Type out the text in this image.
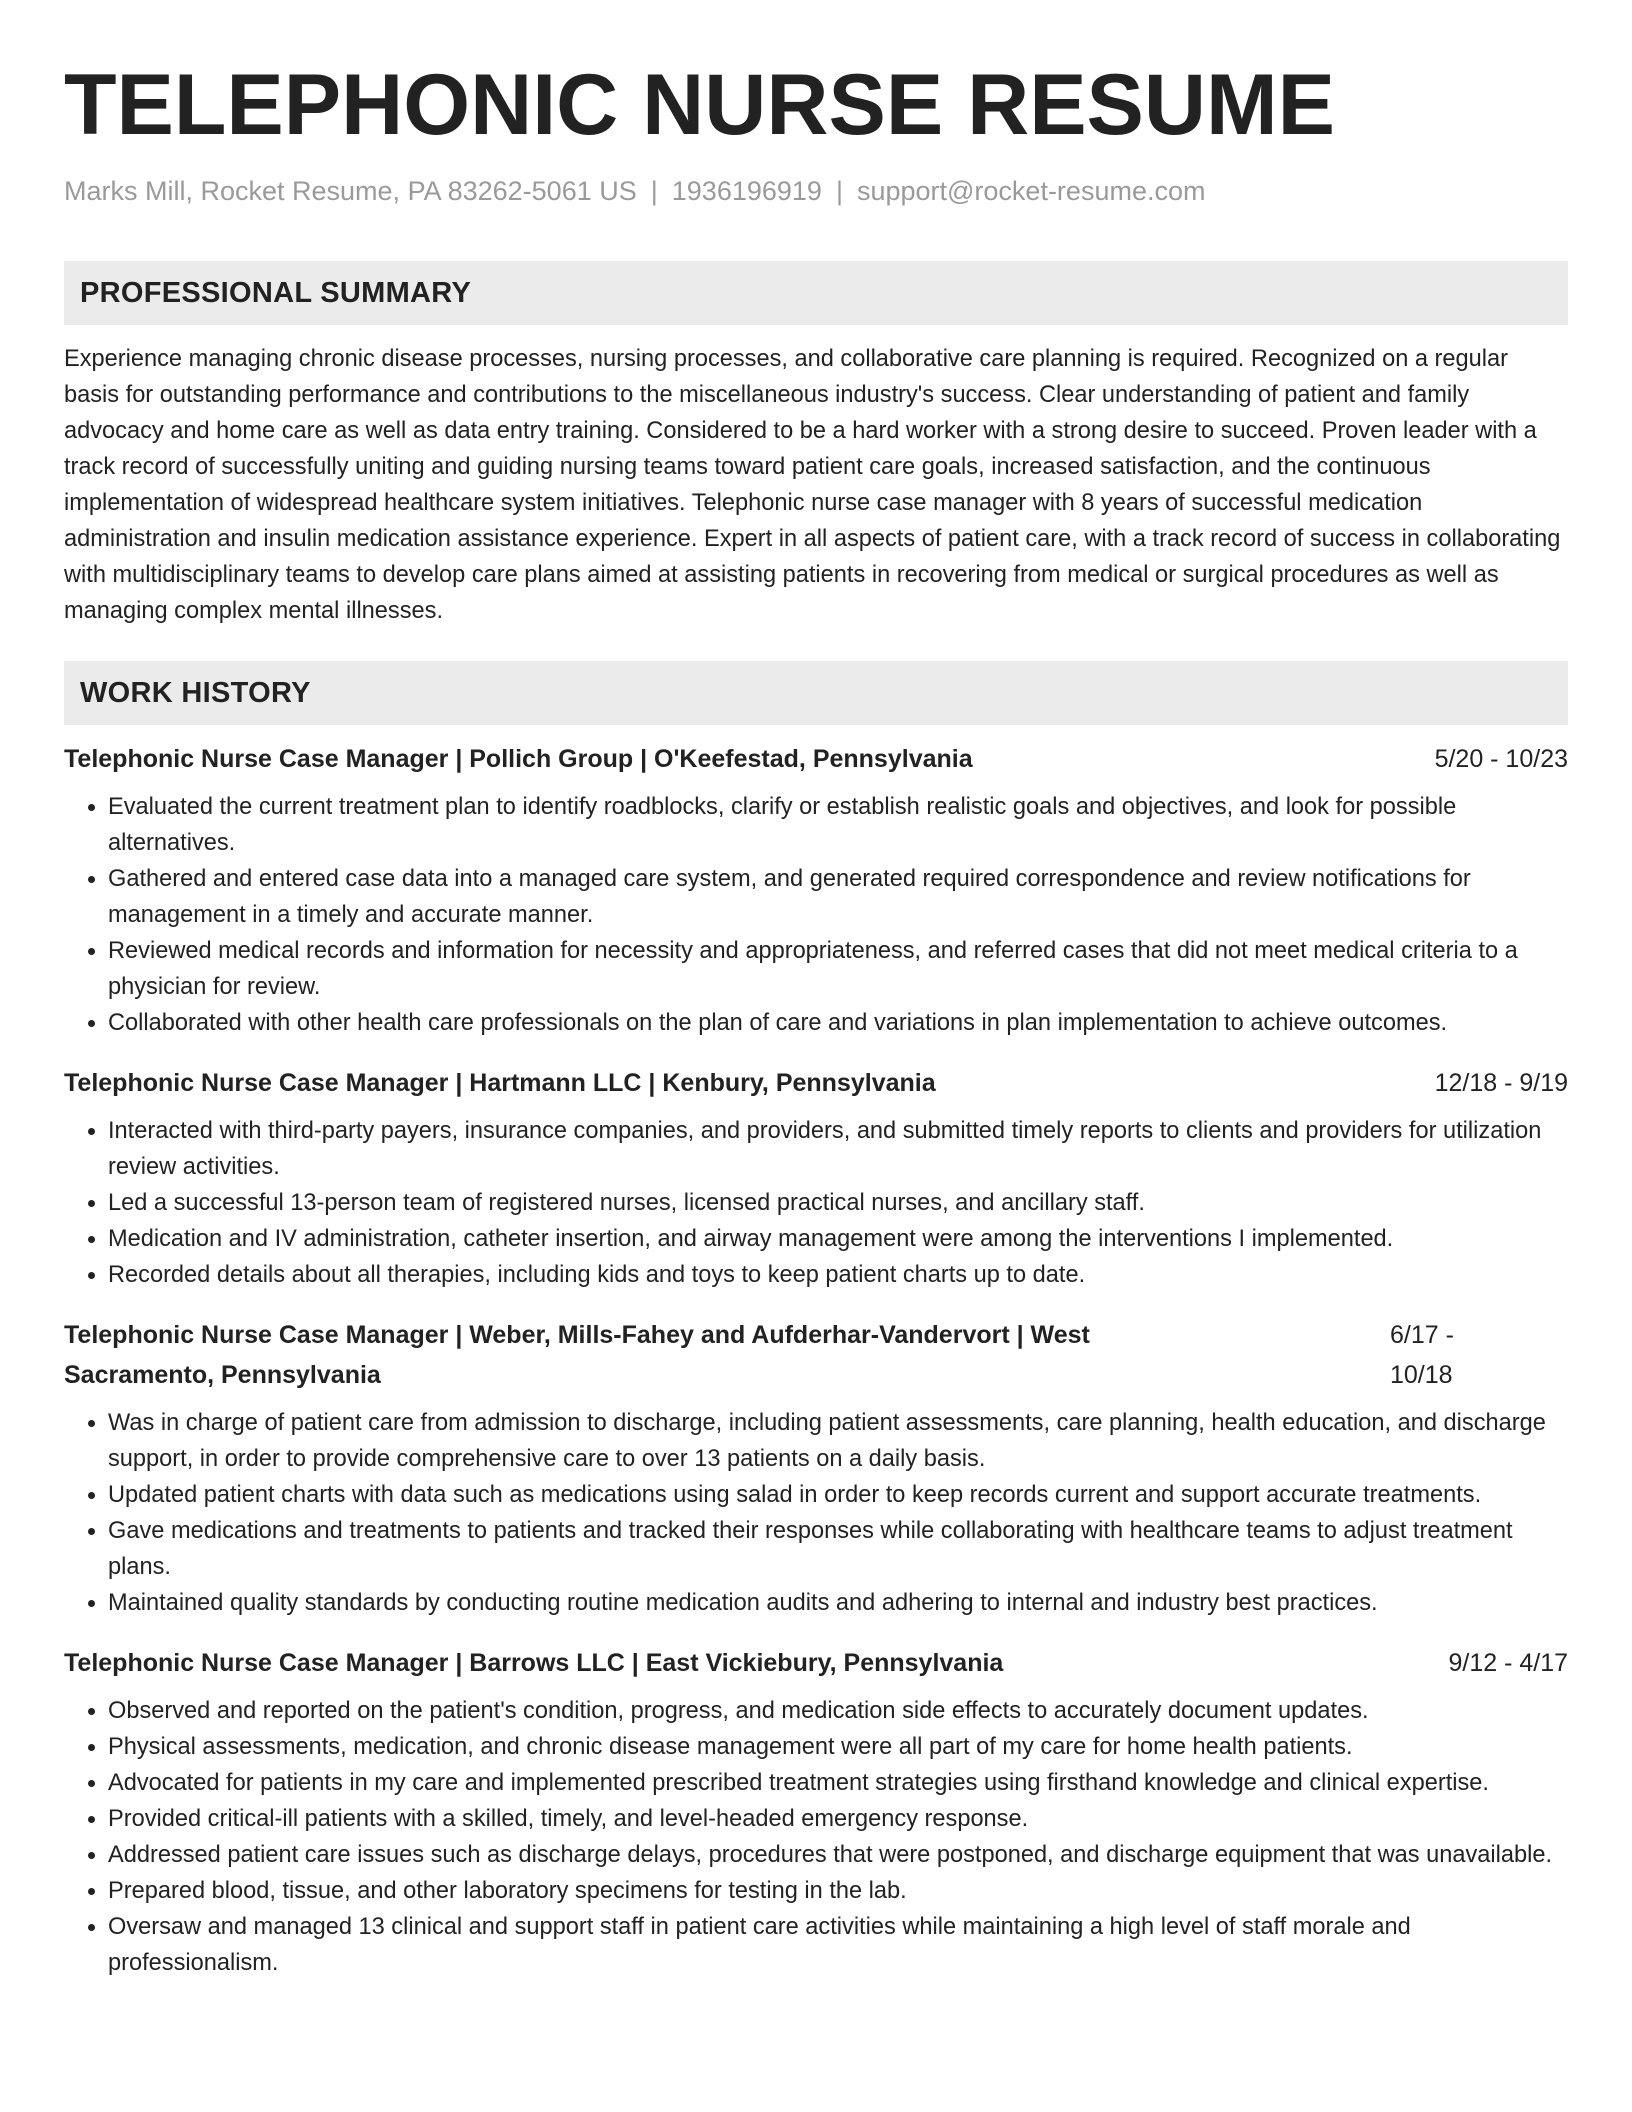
TELEPHONIC NURSE RESUME
Marks Mill, Rocket Resume, PA 83262-5061 US | 1936196919 | support@rocket-resume.com
PROFESSIONAL SUMMARY
Experience managing chronic disease processes, nursing processes, and collaborative care planning is required. Recognized on a regular basis for outstanding performance and contributions to the miscellaneous industry's success. Clear understanding of patient and family advocacy and home care as well as data entry training. Considered to be a hard worker with a strong desire to succeed. Proven leader with a track record of successfully uniting and guiding nursing teams toward patient care goals, increased satisfaction, and the continuous implementation of widespread healthcare system initiatives. Telephonic nurse case manager with 8 years of successful medication administration and insulin medication assistance experience. Expert in all aspects of patient care, with a track record of success in collaborating with multidisciplinary teams to develop care plans aimed at assisting patients in recovering from medical or surgical procedures as well as managing complex mental illnesses.
WORK HISTORY
Telephonic Nurse Case Manager | Pollich Group | O'Keefestad, Pennsylvania	5/20 - 10/23
• Evaluated the current treatment plan to identify roadblocks, clarify or establish realistic goals and objectives, and look for possible alternatives.
• Gathered and entered case data into a managed care system, and generated required correspondence and review notifications for management in a timely and accurate manner.
• Reviewed medical records and information for necessity and appropriateness, and referred cases that did not meet medical criteria to a physician for review.
• Collaborated with other health care professionals on the plan of care and variations in plan implementation to achieve outcomes.
Telephonic Nurse Case Manager | Hartmann LLC | Kenbury, Pennsylvania	12/18 - 9/19
• Interacted with third-party payers, insurance companies, and providers, and submitted timely reports to clients and providers for utilization review activities.
• Led a successful 13-person team of registered nurses, licensed practical nurses, and ancillary staff.
• Medication and IV administration, catheter insertion, and airway management were among the interventions I implemented.
• Recorded details about all therapies, including kids and toys to keep patient charts up to date.
Telephonic Nurse Case Manager | Weber, Mills-Fahey and Aufderhar-Vandervort | West Sacramento, Pennsylvania
6/17 - 10/18
• Was in charge of patient care from admission to discharge, including patient assessments, care planning, health education, and discharge support, in order to provide comprehensive care to over 13 patients on a daily basis.
• Updated patient charts with data such as medications using salad in order to keep records current and support accurate treatments.
• Gave medications and treatments to patients and tracked their responses while collaborating with healthcare teams to adjust treatment plans.
• Maintained quality standards by conducting routine medication audits and adhering to internal and industry best practices.
Telephonic Nurse Case Manager | Barrows LLC | East Vickiebury, Pennsylvania	9/12 - 4/17
• Observed and reported on the patient's condition, progress, and medication side effects to accurately document updates.
• Physical assessments, medication, and chronic disease management were all part of my care for home health patients.
• Advocated for patients in my care and implemented prescribed treatment strategies using firsthand knowledge and clinical expertise.
• Provided critical-ill patients with a skilled, timely, and level-headed emergency response.
• Addressed patient care issues such as discharge delays, procedures that were postponed, and discharge equipment that was unavailable.
• Prepared blood, tissue, and other laboratory specimens for testing in the lab.
• Oversaw and managed 13 clinical and support staff in patient care activities while maintaining a high level of staff morale and professionalism.
